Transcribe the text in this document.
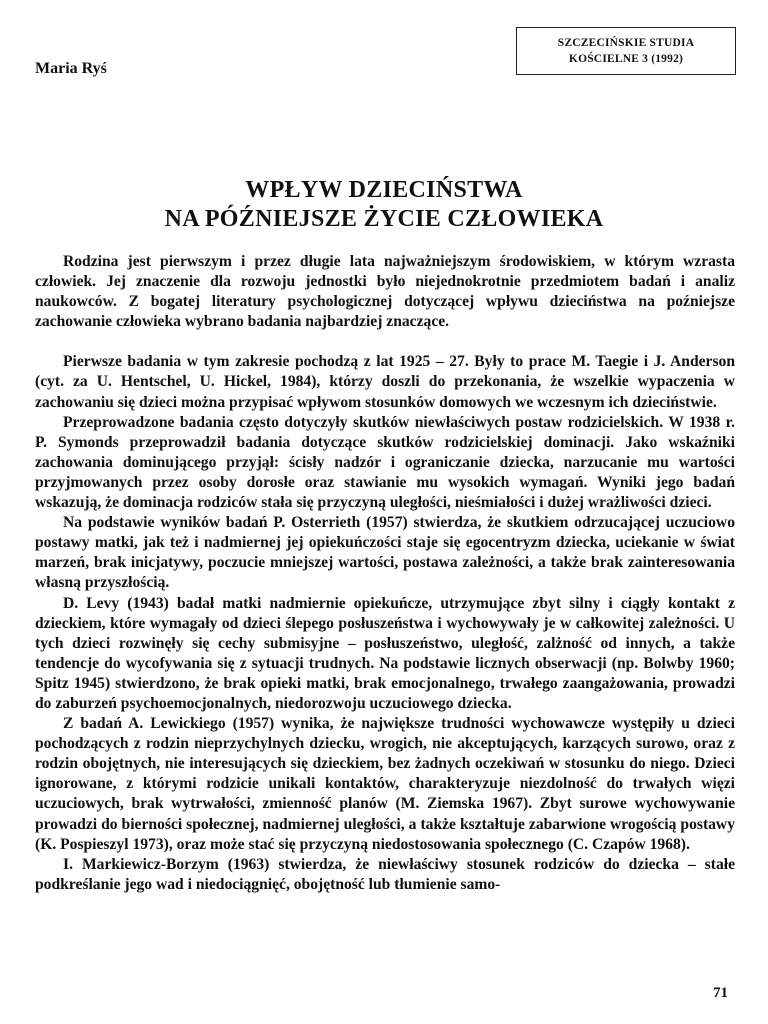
SZCZECIŃSKIE STUDIA
KOŚCIELNE 3 (1992)
Maria Ryś
WPŁYW DZIECIŃSTWA
NA PÓŹNIEJSZE ŻYCIE CZŁOWIEKA

Rodzina jest pierwszym i przez długie lata najważniejszym środowiskiem, w którym wzrasta człowiek. Jej znaczenie dla rozwoju jednostki było niejednokrotnie przedmiotem badań i analiz naukowców. Z bogatej literatury psychologicznej dotyczącej wpływu dzieciństwa na poźniejsze zachowanie człowieka wybrano badania najbardziej znaczące.

Pierwsze badania w tym zakresie pochodzą z lat 1925 – 27. Były to prace M. Taegie i J. Anderson (cyt. za U. Hentschel, U. Hickel, 1984), którzy doszli do przekonania, że wszelkie wypaczenia w zachowaniu się dzieci można przypisać wpływom stosunków domowych we wczesnym ich dzieciństwie.

Przeprowadzone badania często dotyczyły skutków niewłaściwych postaw rodzicielskich. W 1938 r. P. Symonds przeprowadził badania dotyczące skutków rodzicielskiej dominacji. Jako wskaźniki zachowania dominującego przyjął: ścisły nadzór i ograniczanie dziecka, narzucanie mu wartości przyjmowanych przez osoby dorosłe oraz stawianie mu wysokich wymagań. Wyniki jego badań wskazują, że dominacja rodziców stała się przyczyną uległości, nieśmiałości i dużej wrażliwości dzieci.

Na podstawie wyników badań P. Osterrieth (1957) stwierdza, że skutkiem odrzucającej uczuciowo postawy matki, jak też i nadmiernej jej opiekuńczości staje się egocentryzm dziecka, uciekanie w świat marzeń, brak inicjatywy, poczucie mniejszej wartości, postawa zależności, a także brak zainteresowania własną przyszłością.

D. Levy (1943) badał matki nadmiernie opiekuńcze, utrzymujące zbyt silny i ciągły kontakt z dzieckiem, które wymagały od dzieci ślepego posłuszeństwa i wychowywały je w całkowitej zależności. U tych dzieci rozwinęły się cechy submisyjne – posłuszeństwo, uległość, zalżność od innych, a także tendencje do wycofywania się z sytuacji trudnych. Na podstawie licznych obserwacji (np. Bolwby 1960; Spitz 1945) stwierdzono, że brak opieki matki, brak emocjonalnego, trwałego zaangażowania, prowadzi do zaburzeń psychoemocjonalnych, niedorozwoju uczuciowego dziecka.

Z badań A. Lewickiego (1957) wynika, że największe trudności wychowawcze występiły u dzieci pochodzących z rodzin nieprzychylnych dziecku, wrogich, nie akceptujących, karzących surowo, oraz z rodzin obojętnych, nie interesujących się dzieckiem, bez żadnych oczekiwań w stosunku do niego. Dzieci ignorowane, z którymi rodzicie unikali kontaktów, charakteryzuje niezdolność do trwałych więzi uczuciowych, brak wytrwałości, zmienność planów (M. Ziemska 1967). Zbyt surowe wychowywanie prowadzi do bierności społecznej, nadmiernej uległości, a także kształtuje zabarwione wrogością postawy (K. Pospieszyl 1973), oraz może stać się przyczyną niedostosowania społecznego (C. Czapów 1968).

I. Markiewicz-Borzym (1963) stwierdza, że niewłaściwy stosunek rodziców do dziecka – stałe podkreślanie jego wad i niedociągnięć, obojętność lub tłumienie samo-

71
